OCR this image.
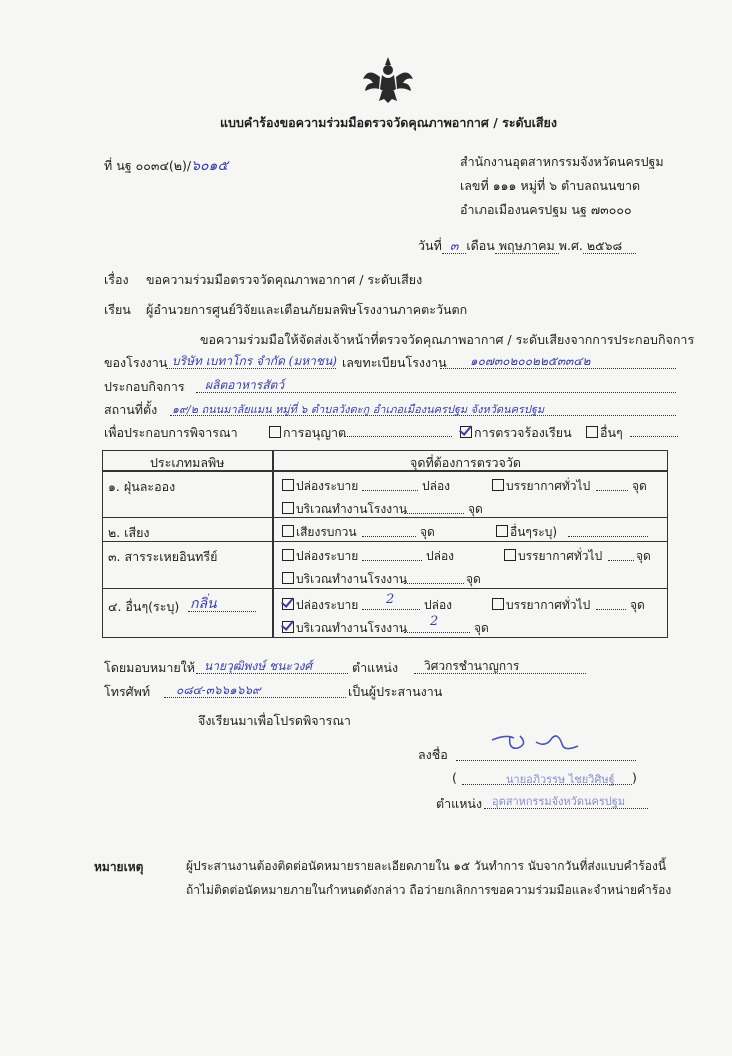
แบบคำร้องขอความร่วมมือตรวจวัดคุณภาพอากาศ / ระดับเสียง
ที่ นฐ ๐๐๓๔(๒)/๖๐๑๕	สำนักงานอุตสาหกรรมจังหวัดนครปฐม
เลขที่ ๑๑๑ หมู่ที่ ๖ ตำบลถนนขาด
อำเภอเมืองนครปฐม นฐ ๗๓๐๐๐
วันที่ ๓ เดือน พฤษภาคม พ.ศ. ๒๕๖๘
เรื่อง ขอความร่วมมือตรวจวัดคุณภาพอากาศ / ระดับเสียง
เรียน ผู้อำนวยการศูนย์วิจัยและเตือนภัยมลพิษโรงงานภาคตะวันตก
ขอความร่วมมือให้จัดส่งเจ้าหน้าที่ตรวจวัดคุณภาพอากาศ / ระดับเสียงจากการประกอบกิจการ
ของโรงงาน บริษัท เบทาโกร จำกัด (มหาชน) เลขทะเบียนโรงงาน ๑๐๗๓๐๒๐๐๒๒๕๓๓๔๒
ประกอบกิจการ ผลิตอาหารสัตว์
สถานที่ตั้ง ๑๙/๒ ถนนมาลัยแมน หมู่ที่ ๖ ตำบลวังตะกู อำเภอเมืองนครปฐม จังหวัดนครปฐม
เพื่อประกอบการพิจารณา	การอนุญาต	การตรวจร้องเรียน	อื่นๆ
ประเภทมลพิษ	จุดที่ต้องการตรวจวัด
๑. ฝุ่นละออง	ปล่องระบาย	ปล่อง	บรรยากาศทั่วไป	จุด
บริเวณทำงานโรงงาน	จุด
๒. เสียง	เสียงรบกวน	จุด	อื่นๆระบุ)
๓. สารระเหยอินทรีย์	ปล่องระบาย	ปล่อง	บรรยากาศทั่วไป	จุด
บริเวณทำงานโรงงาน	จุด
๔. อื่นๆ(ระบุ) กลิ่น	ปล่องระบาย 2 ปล่อง	บรรยากาศทั่วไป	จุด
บริเวณทำงานโรงงาน 2	จุด
โดยมอบหมายให้ นายวุฒิพงษ์ ชนะวงศ์	ตำแหน่ง วิศวกรชำนาญการ
โทรศัพท์ ๐๘๔-๓๖๖๑๖๖๙	เป็นผู้ประสานงาน
จึงเรียนมาเพื่อโปรดพิจารณา
ลงชื่อ
(	นายอภิวรรษ ไชยวิศิษฐ์ )
ตำแหน่ง อุตสาหกรรมจังหวัดนครปฐม
หมายเหตุ	ผู้ประสานงานต้องติดต่อนัดหมายรายละเอียดภายใน ๑๕ วันทำการ นับจากวันที่ส่งแบบคำร้องนี้
ถ้าไม่ติดต่อนัดหมายภายในกำหนดดังกล่าว ถือว่ายกเลิกการขอความร่วมมือและจำหน่ายคำร้อง
